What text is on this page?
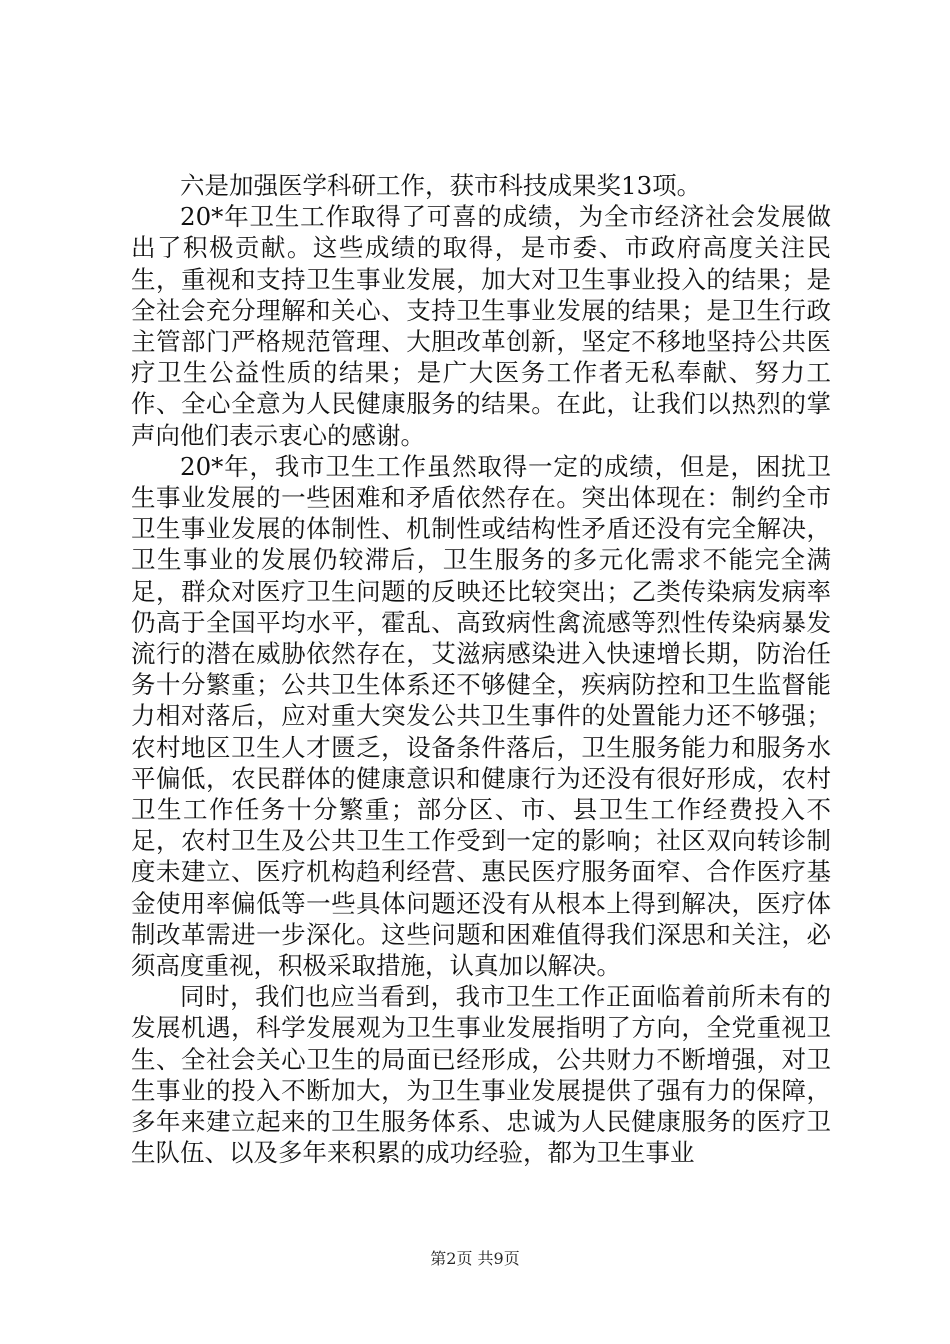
六是加强医学科研工作，获市科技成果奖13项。

20*年卫生工作取得了可喜的成绩，为全市经济社会发展做出了积极贡献。这些成绩的取得，是市委、市政府高度关注民生，重视和支持卫生事业发展，加大对卫生事业投入的结果；是全社会充分理解和关心、支持卫生事业发展的结果；是卫生行政主管部门严格规范管理、大胆改革创新，坚定不移地坚持公共医疗卫生公益性质的结果；是广大医务工作者无私奉献、努力工作、全心全意为人民健康服务的结果。在此，让我们以热烈的掌声向他们表示衷心的感谢。

20*年，我市卫生工作虽然取得一定的成绩，但是，困扰卫生事业发展的一些困难和矛盾依然存在。突出体现在：制约全市卫生事业发展的体制性、机制性或结构性矛盾还没有完全解决，卫生事业的发展仍较滞后，卫生服务的多元化需求不能完全满足，群众对医疗卫生问题的反映还比较突出；乙类传染病发病率仍高于全国平均水平，霍乱、高致病性禽流感等烈性传染病暴发流行的潜在威胁依然存在，艾滋病感染进入快速增长期，防治任务十分繁重；公共卫生体系还不够健全，疾病防控和卫生监督能力相对落后，应对重大突发公共卫生事件的处置能力还不够强；农村地区卫生人才匮乏，设备条件落后，卫生服务能力和服务水平偏低，农民群体的健康意识和健康行为还没有很好形成，农村卫生工作任务十分繁重；部分区、市、县卫生工作经费投入不足，农村卫生及公共卫生工作受到一定的影响；社区双向转诊制度未建立、医疗机构趋利经营、惠民医疗服务面窄、合作医疗基金使用率偏低等一些具体问题还没有从根本上得到解决，医疗体制改革需进一步深化。这些问题和困难值得我们深思和关注，必须高度重视，积极采取措施，认真加以解决。

同时，我们也应当看到，我市卫生工作正面临着前所未有的发展机遇，科学发展观为卫生事业发展指明了方向，全党重视卫生、全社会关心卫生的局面已经形成，公共财力不断增强，对卫生事业的投入不断加大，为卫生事业发展提供了强有力的保障，多年来建立起来的卫生服务体系、忠诚为人民健康服务的医疗卫生队伍、以及多年来积累的成功经验，都为卫生事业

第2页 共9页
